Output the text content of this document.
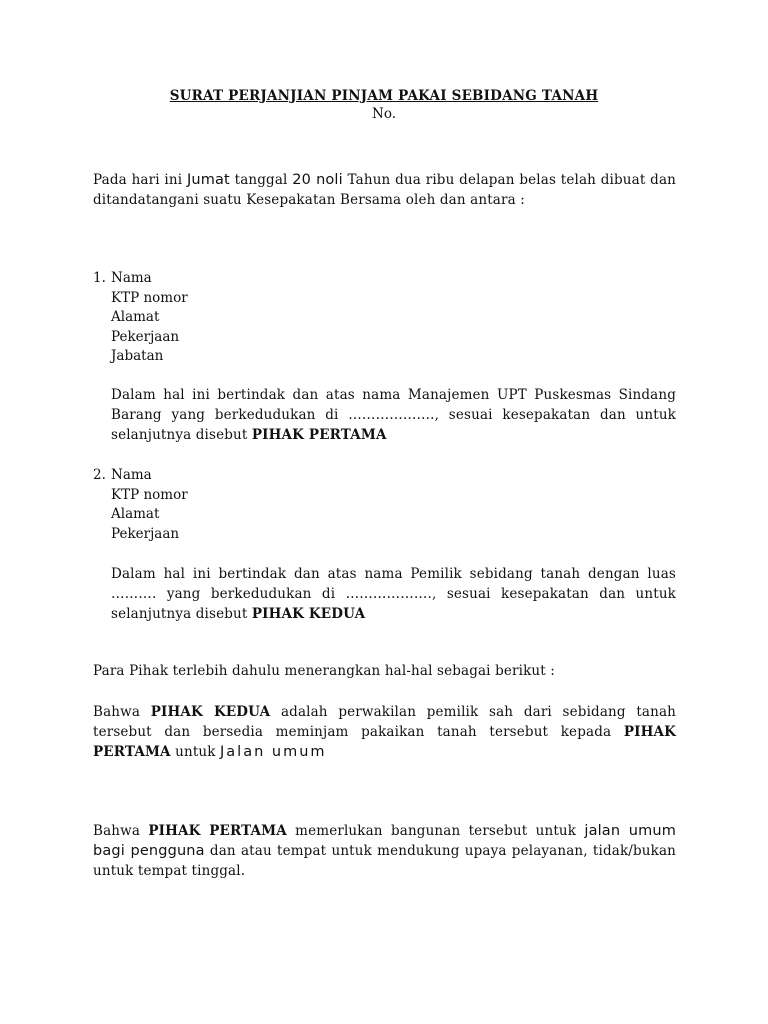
SURAT PERJANJIAN PINJAM PAKAI SEBIDANG TANAH
No.
Pada hari ini Jumat tanggal 20 noli Tahun dua ribu delapan belas telah dibuat dan ditandatangani suatu Kesepakatan Bersama oleh dan antara :
1. Nama
KTP nomor
Alamat
Pekerjaan
Jabatan
Dalam hal ini bertindak dan atas nama Manajemen UPT Puskesmas Sindang Barang yang berkedudukan di ………………., sesuai kesepakatan dan untuk selanjutnya disebut PIHAK PERTAMA
2. Nama
KTP nomor
Alamat
Pekerjaan
Dalam hal ini bertindak dan atas nama Pemilik sebidang tanah dengan luas ………. yang berkedudukan di ………………., sesuai kesepakatan dan untuk selanjutnya disebut PIHAK KEDUA
Para Pihak terlebih dahulu menerangkan hal-hal sebagai berikut :
Bahwa PIHAK KEDUA adalah perwakilan pemilik sah dari sebidang tanah tersebut dan bersedia meminjam pakaikan tanah tersebut kepada PIHAK PERTAMA untuk Jalan umum
Bahwa PIHAK PERTAMA memerlukan bangunan tersebut untuk jalan umum bagi pengguna dan atau tempat untuk mendukung upaya pelayanan, tidak/bukan untuk tempat tinggal.
